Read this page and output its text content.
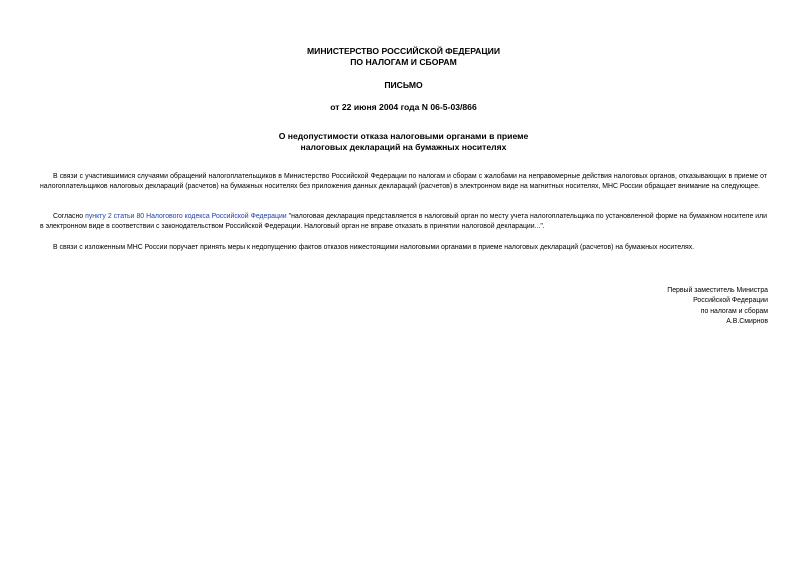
МИНИСТЕРСТВО РОССИЙСКОЙ ФЕДЕРАЦИИ
ПО НАЛОГАМ И СБОРАМ
ПИСЬМО
от 22 июня 2004 года N 06-5-03/866
О недопустимости отказа налоговыми органами в приеме
налоговых деклараций на бумажных носителях

В связи с участившимися случаями обращений налогоплательщиков в Министерство Российской Федерации по налогам и сборам с жалобами на неправомерные действия налоговых органов, отказывающих в приеме от налогоплательщиков налоговых деклараций (расчетов) на бумажных носителях без приложения данных деклараций (расчетов) в электронном виде на магнитных носителях, МНС России обращает внимание на следующее.

Согласно пункту 2 статьи 80 Налогового кодекса Российской Федерации "налоговая декларация представляется в налоговый орган по месту учета налогоплательщика по установленной форме на бумажном носителе или в электронном виде в соответствии с законодательством Российской Федерации. Налоговый орган не вправе отказать в принятии налоговой декларации...".

В связи с изложенным МНС России поручает принять меры к недопущению фактов отказов нижестоящими налоговыми органами в приеме налоговых деклараций (расчетов) на бумажных носителях.

Первый заместитель Министра
Российской Федерации
по налогам и сборам
А.В.Смирнов
